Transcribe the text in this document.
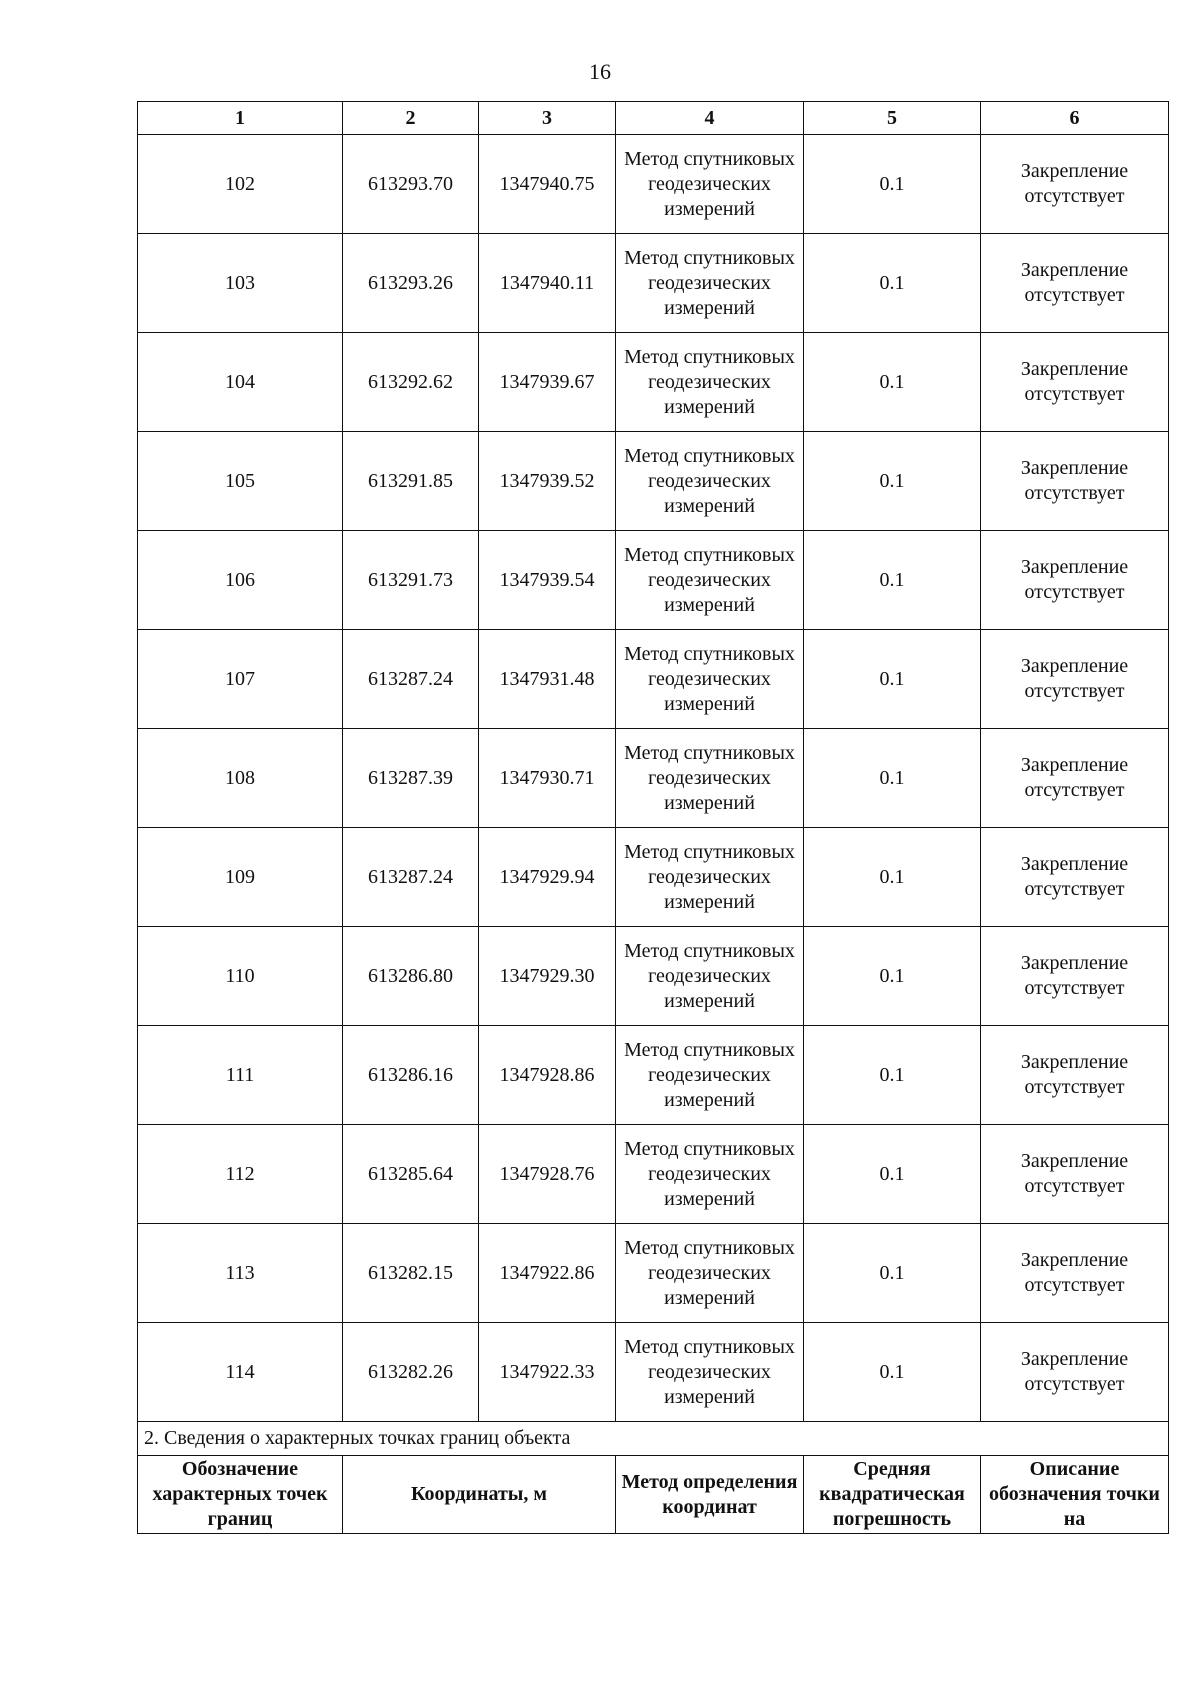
16
1	2	3	4	5	6
102	613293.70	1347940.75	Метод спутниковых геодезических измерений	0.1	Закрепление отсутствует
103	613293.26	1347940.11	Метод спутниковых геодезических измерений	0.1	Закрепление отсутствует
104	613292.62	1347939.67	Метод спутниковых геодезических измерений	0.1	Закрепление отсутствует
105	613291.85	1347939.52	Метод спутниковых геодезических измерений	0.1	Закрепление отсутствует
106	613291.73	1347939.54	Метод спутниковых геодезических измерений	0.1	Закрепление отсутствует
107	613287.24	1347931.48	Метод спутниковых геодезических измерений	0.1	Закрепление отсутствует
108	613287.39	1347930.71	Метод спутниковых геодезических измерений	0.1	Закрепление отсутствует
109	613287.24	1347929.94	Метод спутниковых геодезических измерений	0.1	Закрепление отсутствует
110	613286.80	1347929.30	Метод спутниковых геодезических измерений	0.1	Закрепление отсутствует
111	613286.16	1347928.86	Метод спутниковых геодезических измерений	0.1	Закрепление отсутствует
112	613285.64	1347928.76	Метод спутниковых геодезических измерений	0.1	Закрепление отсутствует
113	613282.15	1347922.86	Метод спутниковых геодезических измерений	0.1	Закрепление отсутствует
114	613282.26	1347922.33	Метод спутниковых геодезических измерений	0.1	Закрепление отсутствует
2. Сведения о характерных точках границ объекта					
Обозначение характерных точек границ	Координаты, м		Метод определения координат	Средняя квадратическая погрешность	Описание обозначения точки на
